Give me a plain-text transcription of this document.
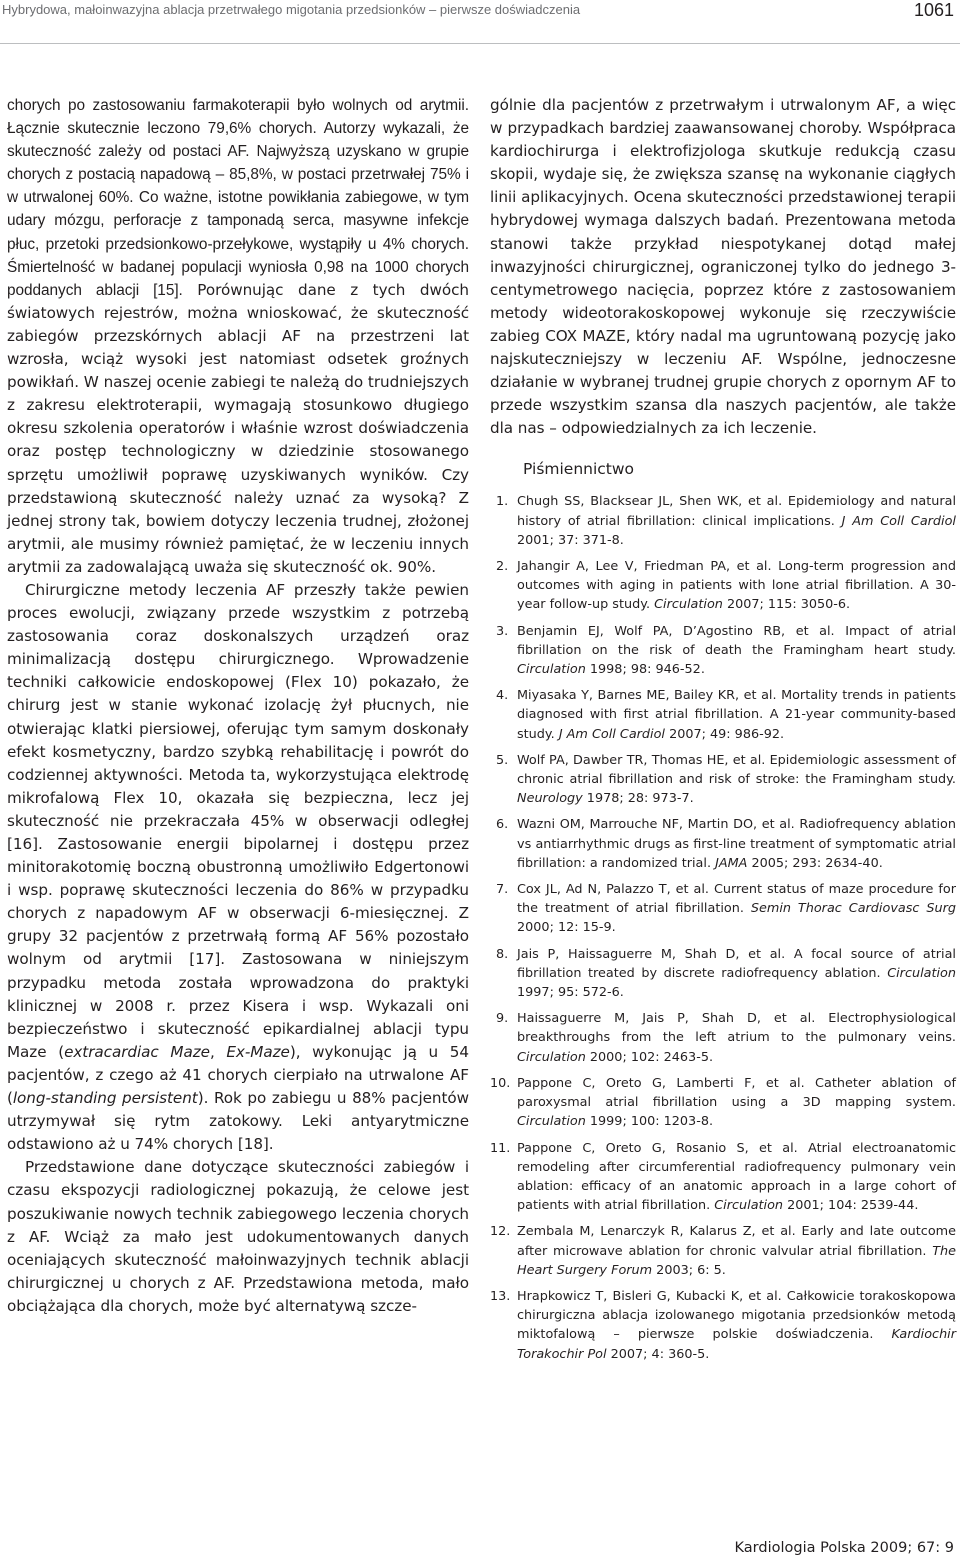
Hybrydowa, małoinwazyjna ablacja przetrwałego migotania przedsionków – pierwsze doświadczenia	1061

chorych po zastosowaniu farmakoterapii było wolnych od arytmii. Łącznie skutecznie leczono 79,6% chorych. Autorzy wykazali, że skuteczność zależy od postaci AF. Najwyższą uzyskano w grupie chorych z postacią napadową – 85,8%, w postaci przetrwałej 75% i w utrwalonej 60%. Co ważne, istotne powikłania zabiegowe, w tym udary mózgu, perforacje z tamponadą serca, masywne infekcje płuc, przetoki przedsionkowo-przełykowe, wystąpiły u 4% chorych. Śmiertelność w badanej populacji wyniosła 0,98 na 1000 chorych poddanych ablacji [15]. Porównując dane z tych dwóch światowych rejestrów, można wnioskować, że skuteczność zabiegów przezskórnych ablacji AF na przestrzeni lat wzrosła, wciąż wysoki jest natomiast odsetek groźnych powikłań. W naszej ocenie zabiegi te należą do trudniejszych z zakresu elektroterapii, wymagają stosunkowo długiego okresu szkolenia operatorów i właśnie wzrost doświadczenia oraz postęp technologiczny w dziedzinie stosowanego sprzętu umożliwił poprawę uzyskiwanych wyników. Czy przedstawioną skuteczność należy uznać za wysoką? Z jednej strony tak, bowiem dotyczy leczenia trudnej, złożonej arytmii, ale musimy również pamiętać, że w leczeniu innych arytmii za zadowalającą uważa się skuteczność ok. 90%.

Chirurgiczne metody leczenia AF przeszły także pewien proces ewolucji, związany przede wszystkim z potrzebą zastosowania coraz doskonalszych urządzeń oraz minimalizacją dostępu chirurgicznego. Wprowadzenie techniki całkowicie endoskopowej (Flex 10) pokazało, że chirurg jest w stanie wykonać izolację żył płucnych, nie otwierając klatki piersiowej, oferując tym samym doskonały efekt kosmetyczny, bardzo szybką rehabilitację i powrót do codziennej aktywności. Metoda ta, wykorzystująca elektrodę mikrofalową Flex 10, okazała się bezpieczna, lecz jej skuteczność nie przekraczała 45% w obserwacji odległej [16]. Zastosowanie energii bipolarnej i dostępu przez minitorakotomię boczną obustronną umożliwiło Edgertonowi i wsp. poprawę skuteczności leczenia do 86% w przypadku chorych z napadowym AF w obserwacji 6-miesięcznej. Z grupy 32 pacjentów z przetrwałą formą AF 56% pozostało wolnym od arytmii [17]. Zastosowana w niniejszym przypadku metoda została wprowadzona do praktyki klinicznej w 2008 r. przez Kisera i wsp. Wykazali oni bezpieczeństwo i skuteczność epikardialnej ablacji typu Maze (extracardiac Maze, Ex-Maze), wykonując ją u 54 pacjentów, z czego aż 41 chorych cierpiało na utrwalone AF (long-standing persistent). Rok po zabiegu u 88% pacjentów utrzymywał się rytm zatokowy. Leki antyarytmiczne odstawiono aż u 74% chorych [18].

Przedstawione dane dotyczące skuteczności zabiegów i czasu ekspozycji radiologicznej pokazują, że celowe jest poszukiwanie nowych technik zabiegowego leczenia chorych z AF. Wciąż za mało jest udokumentowanych danych oceniających skuteczność małoinwazyjnych technik ablacji chirurgicznej u chorych z AF. Przedstawiona metoda, mało obciążająca dla chorych, może być alternatywą szcze-

gólnie dla pacjentów z przetrwałym i utrwalonym AF, a więc w przypadkach bardziej zaawansowanej choroby. Współpraca kardiochirurga i elektrofizjologa skutkuje redukcją czasu skopii, wydaje się, że zwiększa szansę na wykonanie ciągłych linii aplikacyjnych. Ocena skuteczności przedstawionej terapii hybrydowej wymaga dalszych badań. Prezentowana metoda stanowi także przykład niespotykanej dotąd małej inwazyjności chirurgicznej, ograniczonej tylko do jednego 3-centymetrowego nacięcia, poprzez które z zastosowaniem metody wideotorakoskopowej wykonuje się rzeczywiście zabieg COX MAZE, który nadal ma ugruntowaną pozycję jako najskuteczniejszy w leczeniu AF. Wspólne, jednoczesne działanie w wybranej trudnej grupie chorych z opornym AF to przede wszystkim szansa dla naszych pacjentów, ale także dla nas – odpowiedzialnych za ich leczenie.

Piśmiennictwo
1. Chugh SS, Blacksear JL, Shen WK, et al. Epidemiology and natural history of atrial fibrillation: clinical implications. J Am Coll Cardiol 2001; 37: 371-8.
2. Jahangir A, Lee V, Friedman PA, et al. Long-term progression and outcomes with aging in patients with lone atrial fibrillation. A 30-year follow-up study. Circulation 2007; 115: 3050-6.
3. Benjamin EJ, Wolf PA, D’Agostino RB, et al. Impact of atrial fibrillation on the risk of death the Framingham heart study. Circulation 1998; 98: 946-52.
4. Miyasaka Y, Barnes ME, Bailey KR, et al. Mortality trends in patients diagnosed with first atrial fibrillation. A 21-year community-based study. J Am Coll Cardiol 2007; 49: 986-92.
5. Wolf PA, Dawber TR, Thomas HE, et al. Epidemiologic assessment of chronic atrial fibrillation and risk of stroke: the Framingham study. Neurology 1978; 28: 973-7.
6. Wazni OM, Marrouche NF, Martin DO, et al. Radiofrequency ablation vs antiarrhythmic drugs as first-line treatment of symptomatic atrial fibrillation: a randomized trial. JAMA 2005; 293: 2634-40.
7. Cox JL, Ad N, Palazzo T, et al. Current status of maze procedure for the treatment of atrial fibrillation. Semin Thorac Cardiovasc Surg 2000; 12: 15-9.
8. Jais P, Haissaguerre M, Shah D, et al. A focal source of atrial fibrillation treated by discrete radiofrequency ablation. Circulation 1997; 95: 572-6.
9. Haissaguerre M, Jais P, Shah D, et al. Electrophysiological breakthroughs from the left atrium to the pulmonary veins. Circulation 2000; 102: 2463-5.
10. Pappone C, Oreto G, Lamberti F, et al. Catheter ablation of paroxysmal atrial fibrillation using a 3D mapping system. Circulation 1999; 100: 1203-8.
11. Pappone C, Oreto G, Rosanio S, et al. Atrial electroanatomic remodeling after circumferential radiofrequency pulmonary vein ablation: efficacy of an anatomic approach in a large cohort of patients with atrial fibrillation. Circulation 2001; 104: 2539-44.
12. Zembala M, Lenarczyk R, Kalarus Z, et al. Early and late outcome after microwave ablation for chronic valvular atrial fibrillation. The Heart Surgery Forum 2003; 6: 5.
13. Hrapkowicz T, Bisleri G, Kubacki K, et al. Całkowicie torakoskopowa chirurgiczna ablacja izolowanego migotania przedsionków metodą miktofalową – pierwsze polskie doświadczenia. Kardiochir Torakochir Pol 2007; 4: 360-5.
Kardiologia Polska 2009; 67: 9
